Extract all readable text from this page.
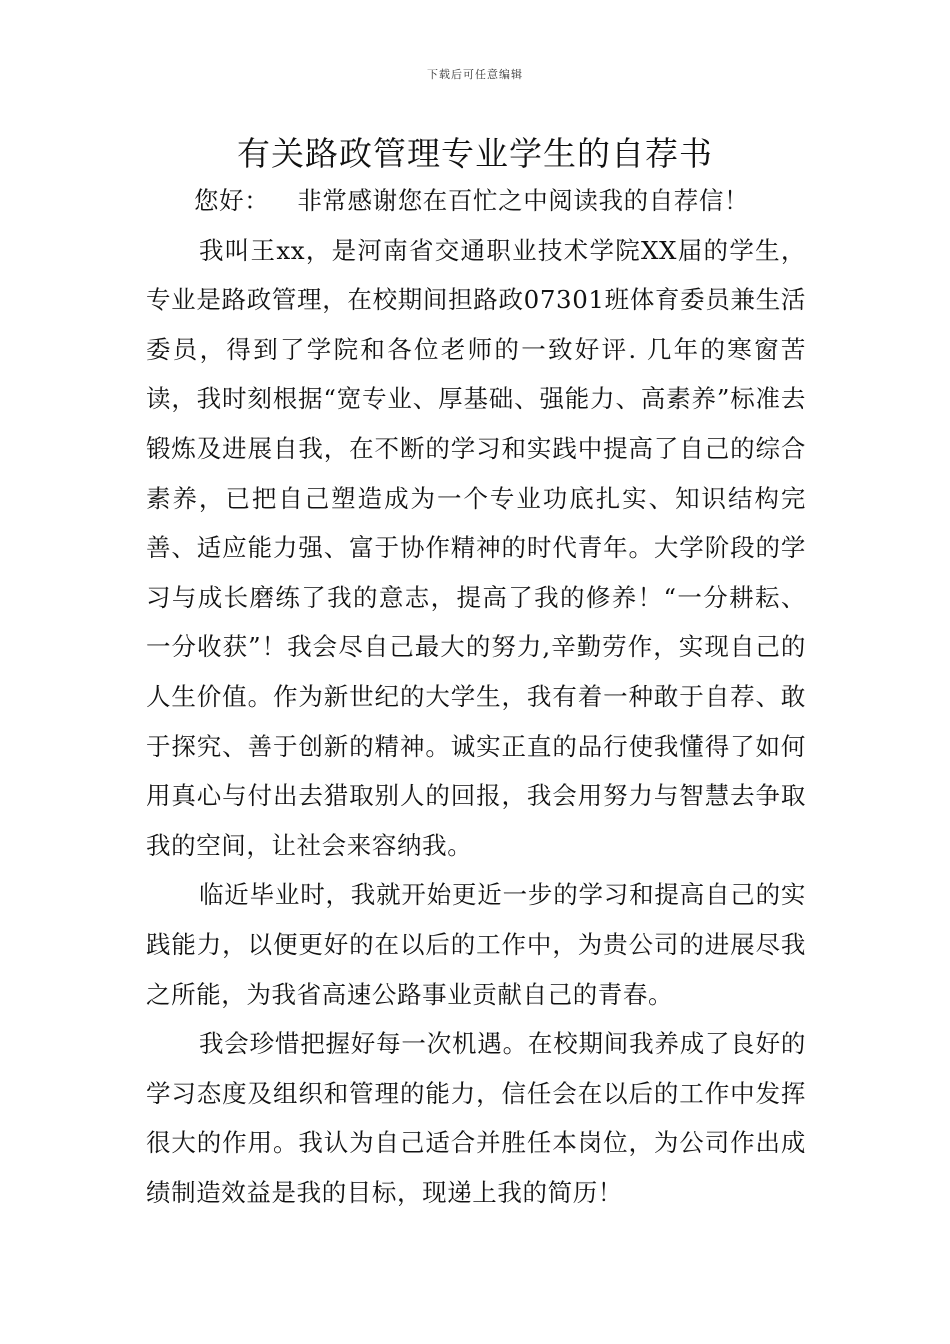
下载后可任意编辑
有关路政管理专业学生的自荐书

您好： 非常感谢您在百忙之中阅读我的自荐信！

我叫王xx，是河南省交通职业技术学院XX届的学生，专业是路政管理，在校期间担路政07301班体育委员兼生活委员，得到了学院和各位老师的一致好评. 几年的寒窗苦读，我时刻根据“宽专业、厚基础、强能力、高素养”标准去锻炼及进展自我，在不断的学习和实践中提高了自己的综合素养，已把自己塑造成为一个专业功底扎实、知识结构完善、适应能力强、富于协作精神的时代青年。大学阶段的学习与成长磨练了我的意志，提高了我的修养！“一分耕耘、一分收获”！我会尽自己最大的努力,辛勤劳作，实现自己的人生价值。作为新世纪的大学生，我有着一种敢于自荐、敢于探究、善于创新的精神。诚实正直的品行使我懂得了如何用真心与付出去猎取别人的回报，我会用努力与智慧去争取我的空间，让社会来容纳我。

临近毕业时，我就开始更近一步的学习和提高自己的实践能力，以便更好的在以后的工作中，为贵公司的进展尽我之所能，为我省高速公路事业贡献自己的青春。

我会珍惜把握好每一次机遇。在校期间我养成了良好的学习态度及组织和管理的能力，信任会在以后的工作中发挥很大的作用。我认为自己适合并胜任本岗位，为公司作出成绩制造效益是我的目标，现递上我的简历！
